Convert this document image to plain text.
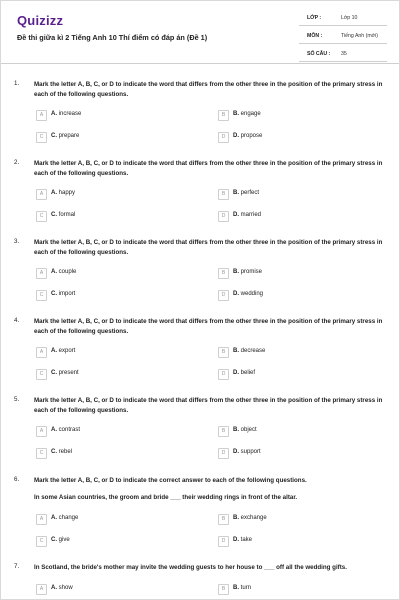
Quizizz
Đề thi giữa kì 2 Tiếng Anh 10 Thí điểm có đáp án (Đề 1)
LỚP :	Lớp 10
MÔN :	Tiếng Anh (mới)
SỐ CÂU : 35
1. Mark the letter A, B, C, or D to indicate the word that differs from the other three in the position of the primary stress in each of the following questions.
A	A. increase	B	B. engage
C	C. prepare	D	D. propose
2. Mark the letter A, B, C, or D to indicate the word that differs from the other three in the position of the primary stress in each of the following questions.
A	A. happy	B	B. perfect
C	C. formal	D	D. married
3. Mark the letter A, B, C, or D to indicate the word that differs from the other three in the position of the primary stress in each of the following questions.
A	A. couple	B	B. promise
C	C. import	D	D. wedding
4. Mark the letter A, B, C, or D to indicate the word that differs from the other three in the position of the primary stress in each of the following questions.
A	A. export	B	B. decrease
C	C. present	D	D. belief
5. Mark the letter A, B, C, or D to indicate the word that differs from the other three in the position of the primary stress in each of the following questions.
A	A. contrast	B	B. object
C	C. rebel	D	D. support
6. Mark the letter A, B, C, or D to indicate the correct answer to each of the following questions.
In some Asian countries, the groom and bride ___ their wedding rings in front of the altar.
A	A. change	B	B. exchange
C	C. give	D	D. take
7. In Scotland, the bride's mother may invite the wedding guests to her house to ___ off all the wedding gifts.
A	A. show	B	B. turn
